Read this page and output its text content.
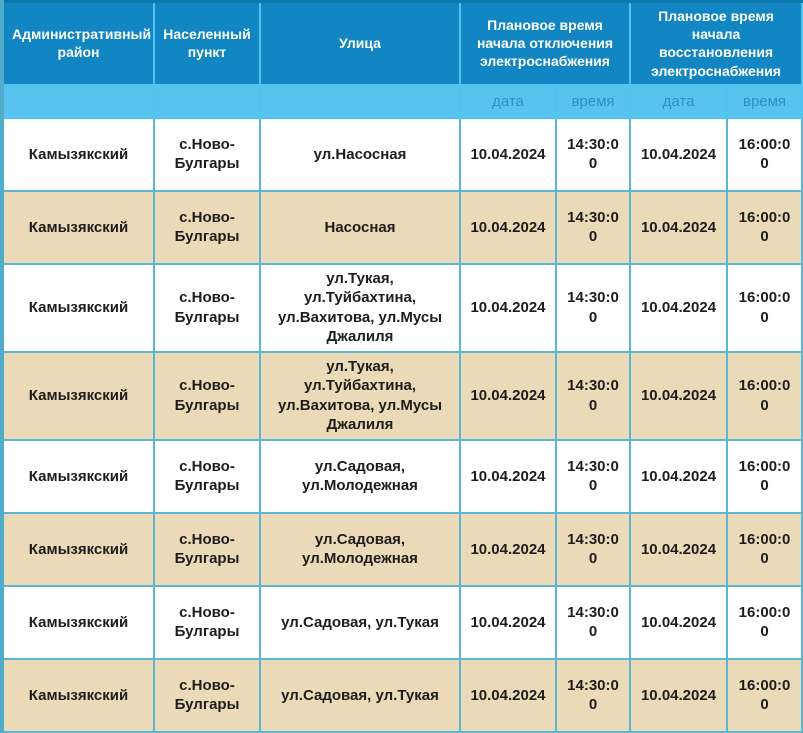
Административный район	Населенный пункт	Улица	Плановое время начала отключения электроснабжения		Плановое время начала восстановления электроснабжения	
			дата	время	дата	время
Камызякский	с.Ново-Булгары	ул.Насосная	10.04.2024	14:30:00	10.04.2024	16:00:00
Камызякский	с.Ново-Булгары	Насосная	10.04.2024	14:30:00	10.04.2024	16:00:00
Камызякский	с.Ново-Булгары	ул.Тукая, ул.Туйбахтина, ул.Вахитова, ул.Мусы Джалиля	10.04.2024	14:30:00	10.04.2024	16:00:00
Камызякский	с.Ново-Булгары	ул.Тукая, ул.Туйбахтина, ул.Вахитова, ул.Мусы Джалиля	10.04.2024	14:30:00	10.04.2024	16:00:00
Камызякский	с.Ново-Булгары	ул.Садовая, ул.Молодежная	10.04.2024	14:30:00	10.04.2024	16:00:00
Камызякский	с.Ново-Булгары	ул.Садовая, ул.Молодежная	10.04.2024	14:30:00	10.04.2024	16:00:00
Камызякский	с.Ново-Булгары	ул.Садовая, ул.Тукая	10.04.2024	14:30:00	10.04.2024	16:00:00
Камызякский	с.Ново-Булгары	ул.Садовая, ул.Тукая	10.04.2024	14:30:00	10.04.2024	16:00:00
